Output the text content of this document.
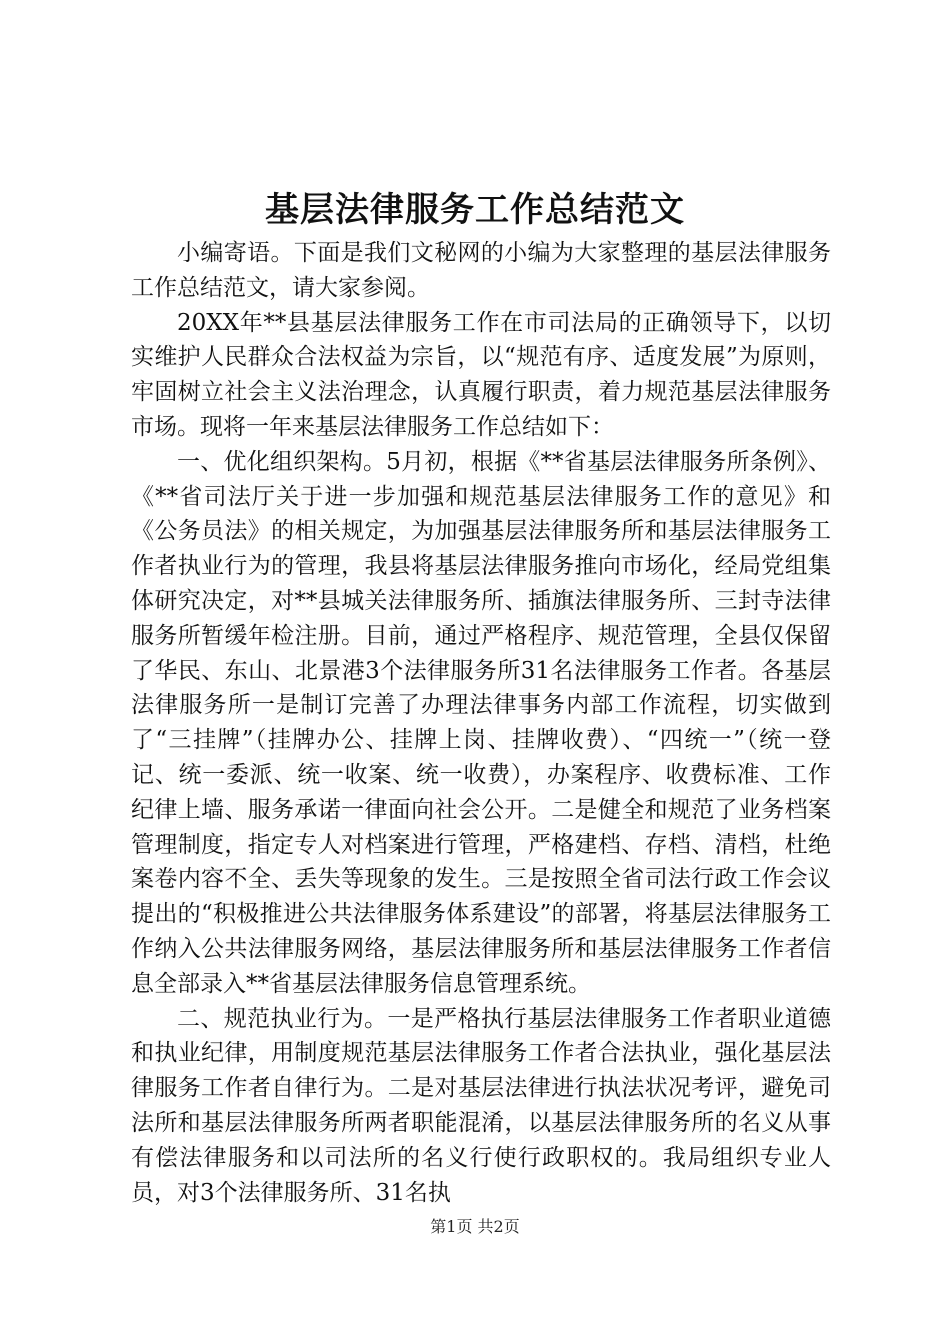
基层法律服务工作总结范文

小编寄语。下面是我们文秘网的小编为大家整理的基层法律服务工作总结范文，请大家参阅。

20XX年**县基层法律服务工作在市司法局的正确领导下，以切实维护人民群众合法权益为宗旨，以“规范有序、适度发展”为原则，牢固树立社会主义法治理念，认真履行职责，着力规范基层法律服务市场。现将一年来基层法律服务工作总结如下：

一、优化组织架构。5月初，根据《**省基层法律服务所条例》、《**省司法厅关于进一步加强和规范基层法律服务工作的意见》和《公务员法》的相关规定，为加强基层法律服务所和基层法律服务工作者执业行为的管理，我县将基层法律服务推向市场化，经局党组集体研究决定，对**县城关法律服务所、插旗法律服务所、三封寺法律服务所暂缓年检注册。目前，通过严格程序、规范管理，全县仅保留了华民、东山、北景港3个法律服务所31名法律服务工作者。各基层法律服务所一是制订完善了办理法律事务内部工作流程，切实做到了“三挂牌”（挂牌办公、挂牌上岗、挂牌收费）、“四统一”（统一登记、统一委派、统一收案、统一收费），办案程序、收费标准、工作纪律上墙、服务承诺一律面向社会公开。二是健全和规范了业务档案管理制度，指定专人对档案进行管理，严格建档、存档、清档，杜绝案卷内容不全、丢失等现象的发生。三是按照全省司法行政工作会议提出的“积极推进公共法律服务体系建设”的部署，将基层法律服务工作纳入公共法律服务网络，基层法律服务所和基层法律服务工作者信息全部录入**省基层法律服务信息管理系统。

二、规范执业行为。一是严格执行基层法律服务工作者职业道德和执业纪律，用制度规范基层法律服务工作者合法执业，强化基层法律服务工作者自律行为。二是对基层法律进行执法状况考评，避免司法所和基层法律服务所两者职能混淆，以基层法律服务所的名义从事有偿法律服务和以司法所的名义行使行政职权的。我局组织专业人员，对3个法律服务所、31名执

第1页 共2页
